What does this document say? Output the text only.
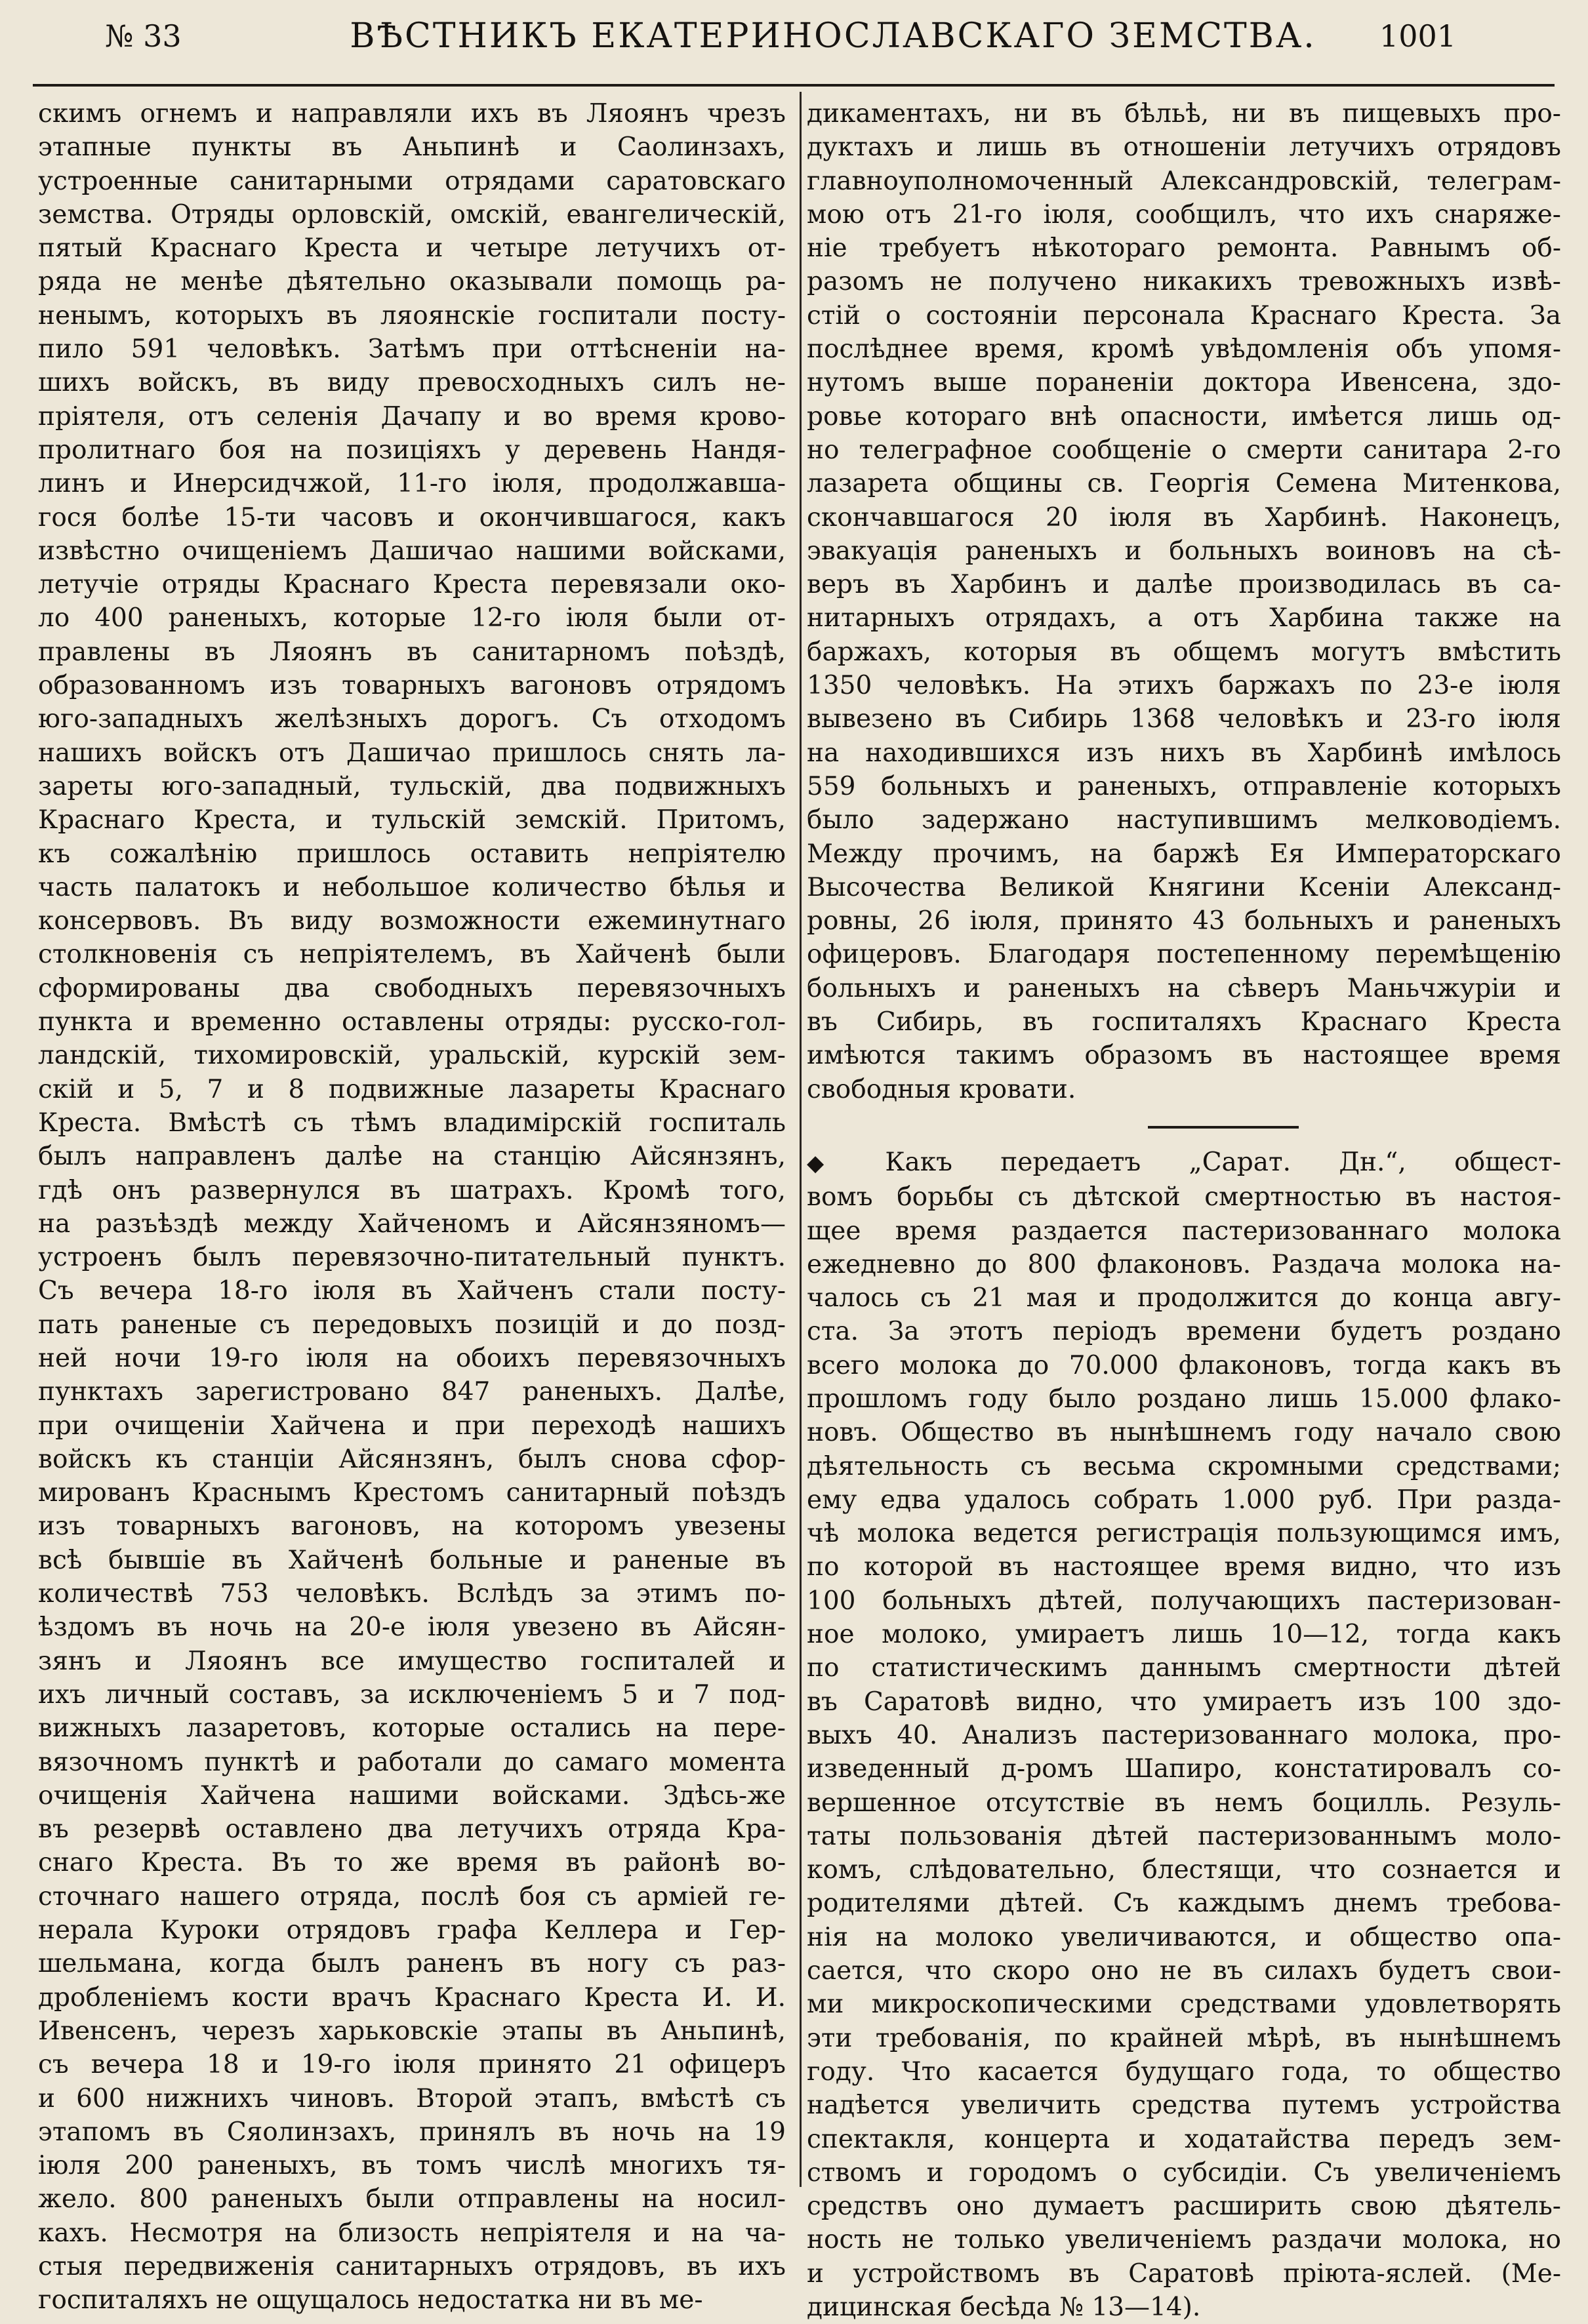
№ 33	ВѢСТНИКЪ ЕКАТЕРИНОСЛАВСКАГО ЗЕМСТВА.	1001
скимъ огнемъ и направляли ихъ въ Ляоянъ чрезъ
этапные пункты въ Аньпинѣ и Саолинзахъ,
устроенные санитарными отрядами саратовскаго
земства. Отряды орловскій, омскій, евангелическій,
пятый Краснаго Креста и четыре летучихъ от-
ряда не менѣе дѣятельно оказывали помощь ра-
ненымъ, которыхъ въ ляоянскіе госпитали посту-
пило 591 человѣкъ. Затѣмъ при оттѣсненіи на-
шихъ войскъ, въ виду превосходныхъ силъ не-
пріятеля, отъ селенія Дачапу и во время крово-
пролитнаго боя на позиціяхъ у деревень Нандя-
линъ и Инерсидчжой, 11-го іюля, продолжавша-
гося болѣе 15-ти часовъ и окончившагося, какъ
извѣстно очищеніемъ Дашичао нашими войсками,
летучіе отряды Краснаго Креста перевязали око-
ло 400 раненыхъ, которые 12-го іюля были от-
правлены въ Ляоянъ въ санитарномъ поѣздѣ,
образованномъ изъ товарныхъ вагоновъ отрядомъ
юго-западныхъ желѣзныхъ дорогъ. Съ отходомъ
нашихъ войскъ отъ Дашичао пришлось снять ла-
зареты юго-западный, тульскій, два подвижныхъ
Краснаго Креста, и тульскій земскій. Притомъ,
къ сожалѣнію пришлось оставить непріятелю
часть палатокъ и небольшое количество бѣлья и
консервовъ. Въ виду возможности ежеминутнаго
столкновенія съ непріятелемъ, въ Хайченѣ были
сформированы два свободныхъ перевязочныхъ
пункта и временно оставлены отряды: русско-гол-
ландскій, тихомировскій, уральскій, курскій зем-
скій и 5, 7 и 8 подвижные лазареты Краснаго
Креста. Вмѣстѣ съ тѣмъ владимірскій госпиталь
былъ направленъ далѣе на станцію Айсянзянъ,
гдѣ онъ развернулся въ шатрахъ. Кромѣ того,
на разъѣздѣ между Хайченомъ и Айсянзяномъ—
устроенъ былъ перевязочно-питательный пунктъ.
Съ вечера 18-го іюля въ Хайченъ стали посту-
пать раненые съ передовыхъ позицій и до позд-
ней ночи 19-го іюля на обоихъ перевязочныхъ
пунктахъ зарегистровано 847 раненыхъ. Далѣе,
при очищеніи Хайчена и при переходѣ нашихъ
войскъ къ станціи Айсянзянъ, былъ снова сфор-
мированъ Краснымъ Крестомъ санитарный поѣздъ
изъ товарныхъ вагоновъ, на которомъ увезены
всѣ бывшіе въ Хайченѣ больные и раненые въ
количествѣ 753 человѣкъ. Вслѣдъ за этимъ по-
ѣздомъ въ ночь на 20-е іюля увезено въ Айсян-
зянъ и Ляоянъ все имущество госпиталей и
ихъ личный составъ, за исключеніемъ 5 и 7 под-
вижныхъ лазаретовъ, которые остались на пере-
вязочномъ пунктѣ и работали до самаго момента
очищенія Хайчена нашими войсками. Здѣсь-же
въ резервѣ оставлено два летучихъ отряда Кра-
снаго Креста. Въ то же время въ районѣ во-
сточнаго нашего отряда, послѣ боя съ арміей ге-
нерала Куроки отрядовъ графа Келлера и Гер-
шельмана, когда былъ раненъ въ ногу съ раз-
дробленіемъ кости врачъ Краснаго Креста И. И.
Ивенсенъ, черезъ харьковскіе этапы въ Аньпинѣ,
съ вечера 18 и 19-го іюля принято 21 офицеръ
и 600 нижнихъ чиновъ. Второй этапъ, вмѣстѣ съ
этапомъ въ Сяолинзахъ, принялъ въ ночь на 19
іюля 200 раненыхъ, въ томъ числѣ многихъ тя-
жело. 800 раненыхъ были отправлены на носил-
кахъ. Несмотря на близость непріятеля и на ча-
стыя передвиженія санитарныхъ отрядовъ, въ ихъ
госпиталяхъ не ощущалось недостатка ни въ ме-
дикаментахъ, ни въ бѣльѣ, ни въ пищевыхъ про-
дуктахъ и лишь въ отношеніи летучихъ отрядовъ
главноуполномоченный Александровскій, телеграм-
мою отъ 21-го іюля, сообщилъ, что ихъ снаряже-
ніе требуетъ нѣкотораго ремонта. Равнымъ об-
разомъ не получено никакихъ тревожныхъ извѣ-
стій о состояніи персонала Краснаго Креста. За
послѣднее время, кромѣ увѣдомленія объ упомя-
нутомъ выше пораненіи доктора Ивенсена, здо-
ровье котораго внѣ опасности, имѣется лишь од-
но телеграфное сообщеніе о смерти санитара 2-го
лазарета общины св. Георгія Семена Митенкова,
скончавшагося 20 іюля въ Харбинѣ. Наконецъ,
эвакуація раненыхъ и больныхъ воиновъ на сѣ-
веръ въ Харбинъ и далѣе производилась въ са-
нитарныхъ отрядахъ, а отъ Харбина также на
баржахъ, которыя въ общемъ могутъ вмѣстить
1350 человѣкъ. На этихъ баржахъ по 23-е іюля
вывезено въ Сибирь 1368 человѣкъ и 23-го іюля
на находившихся изъ нихъ въ Харбинѣ имѣлось
559 больныхъ и раненыхъ, отправленіе которыхъ
было задержано наступившимъ мелководіемъ.
Между прочимъ, на баржѣ Ея Императорскаго
Высочества Великой Княгини Ксеніи Александ-
ровны, 26 іюля, принято 43 больныхъ и раненыхъ
офицеровъ. Благодаря постепенному перемѣщенію
больныхъ и раненыхъ на сѣверъ Маньчжуріи и
въ Сибирь, въ госпиталяхъ Краснаго Креста
имѣются такимъ образомъ въ настоящее время
свободныя кровати.
◆ Какъ передаетъ „Сарат. Дн.“, общест-
вомъ борьбы съ дѣтской смертностью въ настоя-
щее время раздается пастеризованнаго молока
ежедневно до 800 флаконовъ. Раздача молока на-
чалось съ 21 мая и продолжится до конца авгу-
ста. За этотъ періодъ времени будетъ роздано
всего молока до 70.000 флаконовъ, тогда какъ въ
прошломъ году было роздано лишь 15.000 флако-
новъ. Общество въ нынѣшнемъ году начало свою
дѣятельность съ весьма скромными средствами;
ему едва удалось собрать 1.000 руб. При разда-
чѣ молока ведется регистрація пользующимся имъ,
по которой въ настоящее время видно, что изъ
100 больныхъ дѣтей, получающихъ пастеризован-
ное молоко, умираетъ лишь 10—12, тогда какъ
по статистическимъ даннымъ смертности дѣтей
въ Саратовѣ видно, что умираетъ изъ 100 здо-
выхъ 40. Анализъ пастеризованнаго молока, про-
изведенный д-ромъ Шапиро, констатировалъ со-
вершенное отсутствіе въ немъ боцилль. Резуль-
таты пользованія дѣтей пастеризованнымъ моло-
комъ, слѣдовательно, блестящи, что сознается и
родителями дѣтей. Съ каждымъ днемъ требова-
нія на молоко увеличиваются, и общество опа-
сается, что скоро оно не въ силахъ будетъ свои-
ми микроскопическими средствами удовлетворять
эти требованія, по крайней мѣрѣ, въ нынѣшнемъ
году. Что касается будущаго года, то общество
надѣется увеличить средства путемъ устройства
спектакля, концерта и ходатайства передъ зем-
ствомъ и городомъ о субсидіи. Съ увеличеніемъ
средствъ оно думаетъ расширить свою дѣятель-
ность не только увеличеніемъ раздачи молока, но
и устройствомъ въ Саратовѣ пріюта-яслей. (Ме-
дицинская бесѣда № 13—14).
